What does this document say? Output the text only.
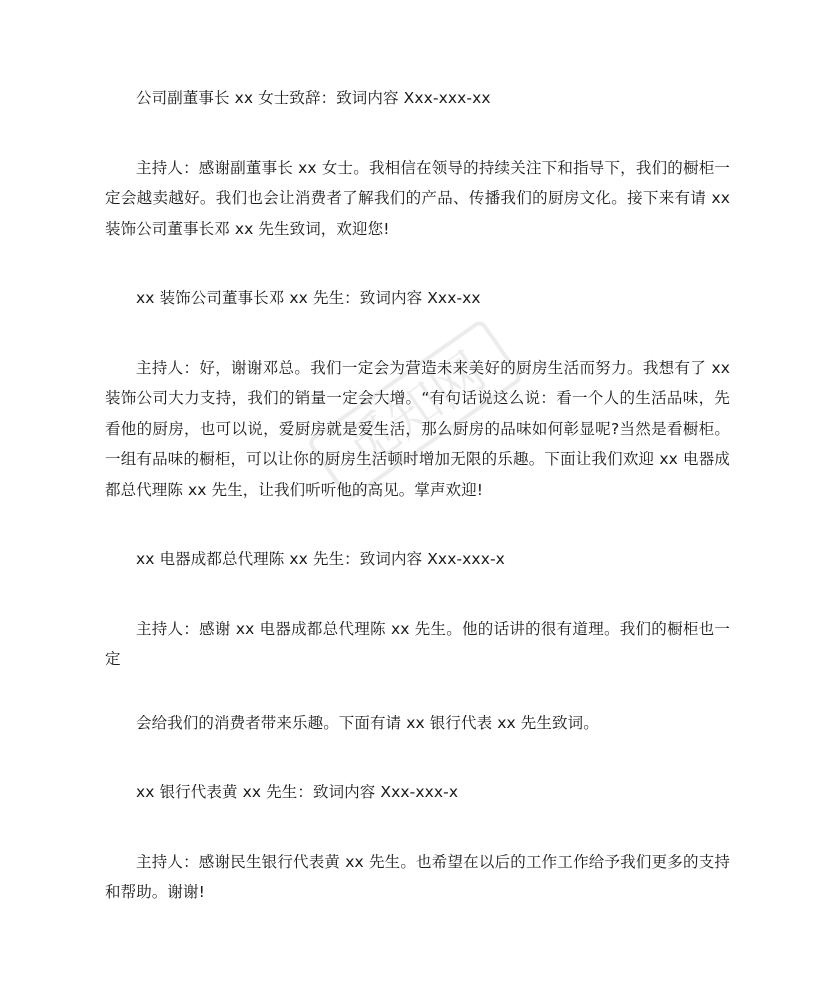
觅知网

公司副董事长 xx 女士致辞：致词内容 Xxx-xxx-xx

主持人：感谢副董事长 xx 女士。我相信在领导的持续关注下和指导下，我们的橱柜一定会越卖越好。我们也会让消费者了解我们的产品、传播我们的厨房文化。接下来有请 xx 装饰公司董事长邓 xx 先生致词，欢迎您!

xx 装饰公司董事长邓 xx 先生：致词内容 Xxx-xx

主持人：好，谢谢邓总。我们一定会为营造未来美好的厨房生活而努力。我想有了 xx 装饰公司大力支持，我们的销量一定会大增。“有句话说这么说：看一个人的生活品味，先看他的厨房，也可以说，爱厨房就是爱生活，那么厨房的品味如何彰显呢?当然是看橱柜。一组有品味的橱柜，可以让你的厨房生活顿时增加无限的乐趣。下面让我们欢迎 xx 电器成都总代理陈 xx 先生，让我们听听他的高见。掌声欢迎!

xx 电器成都总代理陈 xx 先生：致词内容 Xxx-xxx-x

主持人：感谢 xx 电器成都总代理陈 xx 先生。他的话讲的很有道理。我们的橱柜也一定

会给我们的消费者带来乐趣。下面有请 xx 银行代表 xx 先生致词。

xx 银行代表黄 xx 先生：致词内容 Xxx-xxx-x

主持人：感谢民生银行代表黄 xx 先生。也希望在以后的工作工作给予我们更多的支持和帮助。谢谢!
